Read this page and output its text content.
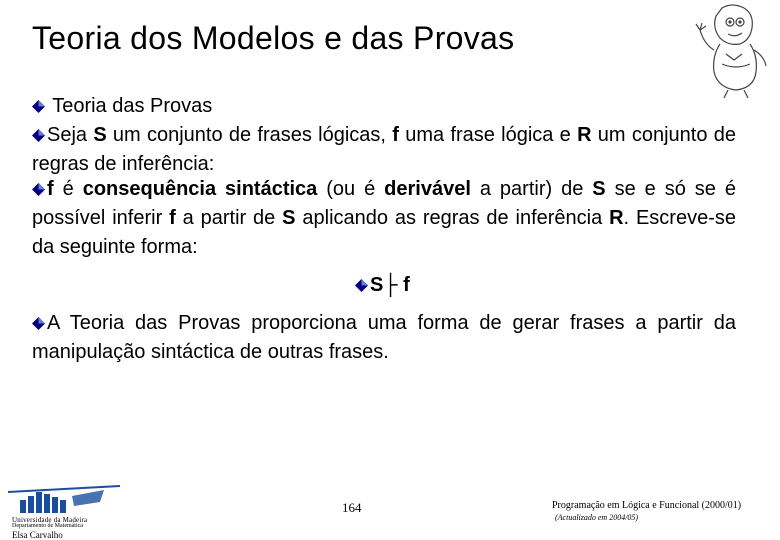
Teoria dos Modelos e das Provas

Teoria das Provas

Seja S um conjunto de frases lógicas, f uma frase lógica e R um conjunto de regras de inferência:

f é consequência sintáctica (ou é derivável a partir) de S se e só se é possível inferir f a partir de S aplicando as regras de inferência R. Escreve-se da seguinte forma:

S├ f

A Teoria das Provas proporciona uma forma de gerar frases a partir da manipulação sintáctica de outras frases.

Universidade da Madeira
Departamento de Matemática
Elsa Carvalho
164	Programação em Lógica e Funcional (2000/01)
(Actualizado em 2004/05)
